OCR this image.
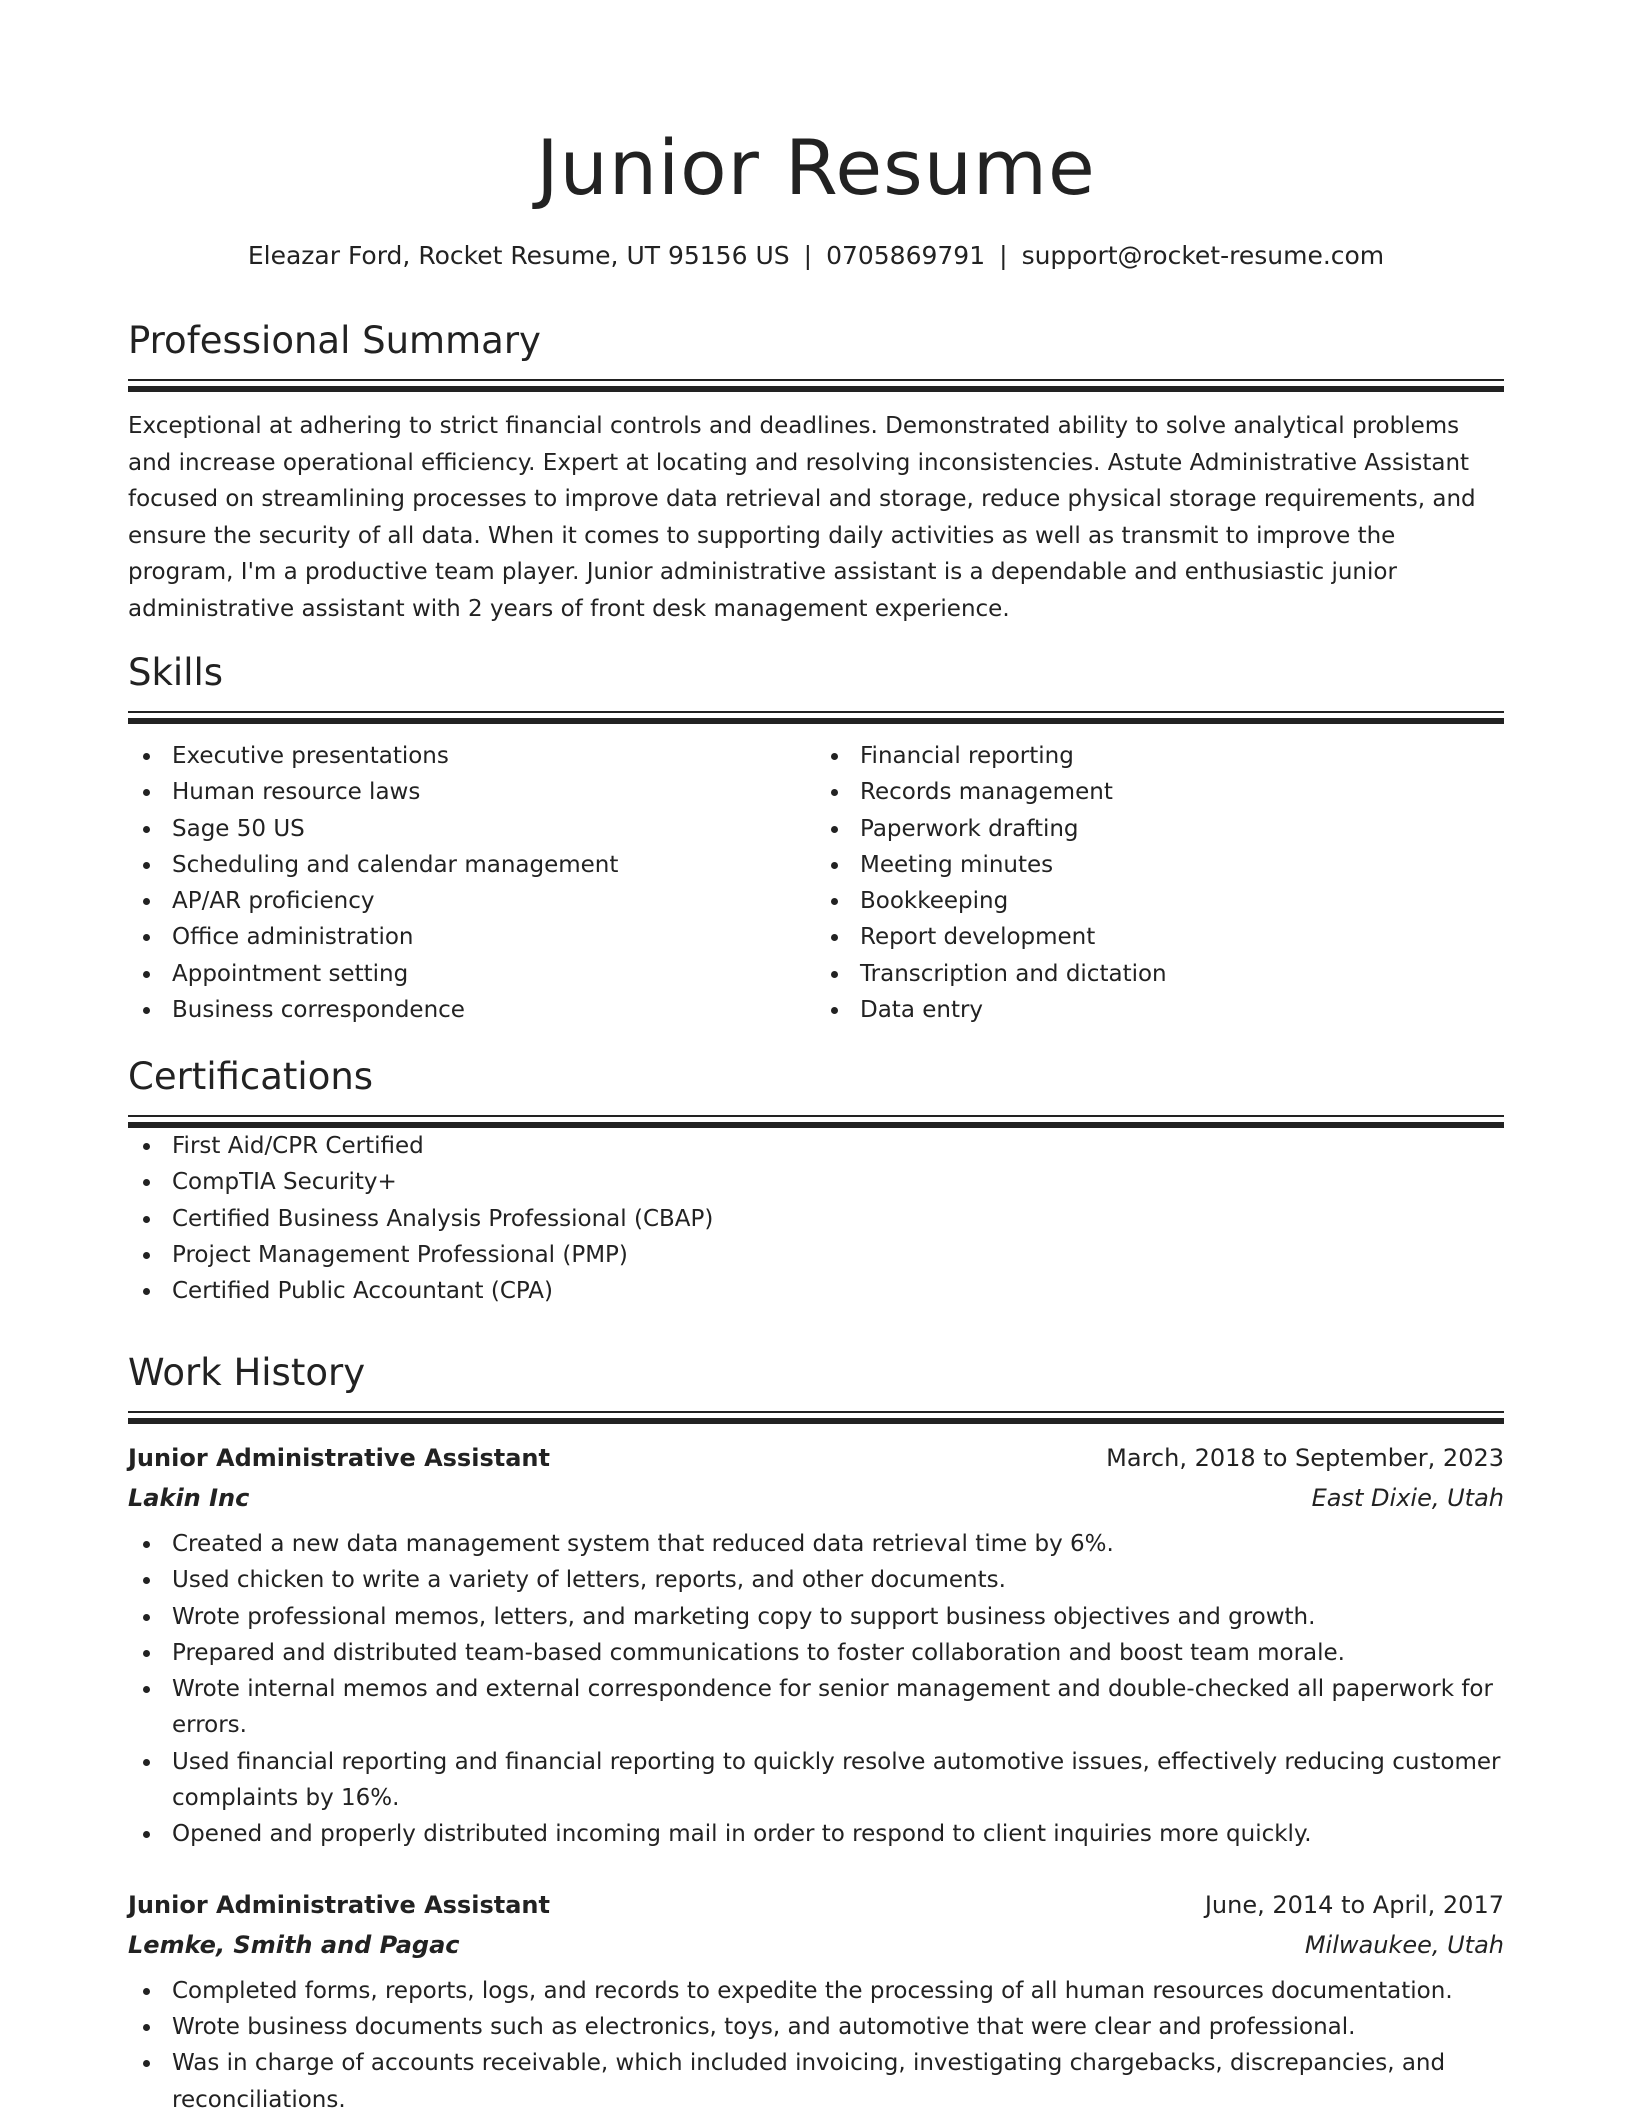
Junior Resume
Eleazar Ford, Rocket Resume, UT 95156 US | 0705869791 | support@rocket-resume.com
Professional Summary

Exceptional at adhering to strict financial controls and deadlines. Demonstrated ability to solve analytical problems and increase operational efficiency. Expert at locating and resolving inconsistencies. Astute Administrative Assistant focused on streamlining processes to improve data retrieval and storage, reduce physical storage requirements, and ensure the security of all data. When it comes to supporting daily activities as well as transmit to improve the program, I'm a productive team player. Junior administrative assistant is a dependable and enthusiastic junior administrative assistant with 2 years of front desk management experience.

Skills
Executive presentations
Human resource laws
Sage 50 US
Scheduling and calendar management
AP/AR proficiency
Office administration
Appointment setting
Business correspondence
Financial reporting
Records management
Paperwork drafting
Meeting minutes
Bookkeeping
Report development
Transcription and dictation
Data entry
Certifications
First Aid/CPR Certified
CompTIA Security+
Certified Business Analysis Professional (CBAP)
Project Management Professional (PMP)
Certified Public Accountant (CPA)
Work History
Junior Administrative Assistant	March, 2018 to September, 2023
Lakin Inc	East Dixie, Utah
Created a new data management system that reduced data retrieval time by 6%.
Used chicken to write a variety of letters, reports, and other documents.
Wrote professional memos, letters, and marketing copy to support business objectives and growth.
Prepared and distributed team-based communications to foster collaboration and boost team morale.
Wrote internal memos and external correspondence for senior management and double-checked all paperwork for errors.
Used financial reporting and financial reporting to quickly resolve automotive issues, effectively reducing customer complaints by 16%.
Opened and properly distributed incoming mail in order to respond to client inquiries more quickly.
Junior Administrative Assistant	June, 2014 to April, 2017
Lemke, Smith and Pagac	Milwaukee, Utah
Completed forms, reports, logs, and records to expedite the processing of all human resources documentation.
Wrote business documents such as electronics, toys, and automotive that were clear and professional.
Was in charge of accounts receivable, which included invoicing, investigating chargebacks, discrepancies, and reconciliations.
